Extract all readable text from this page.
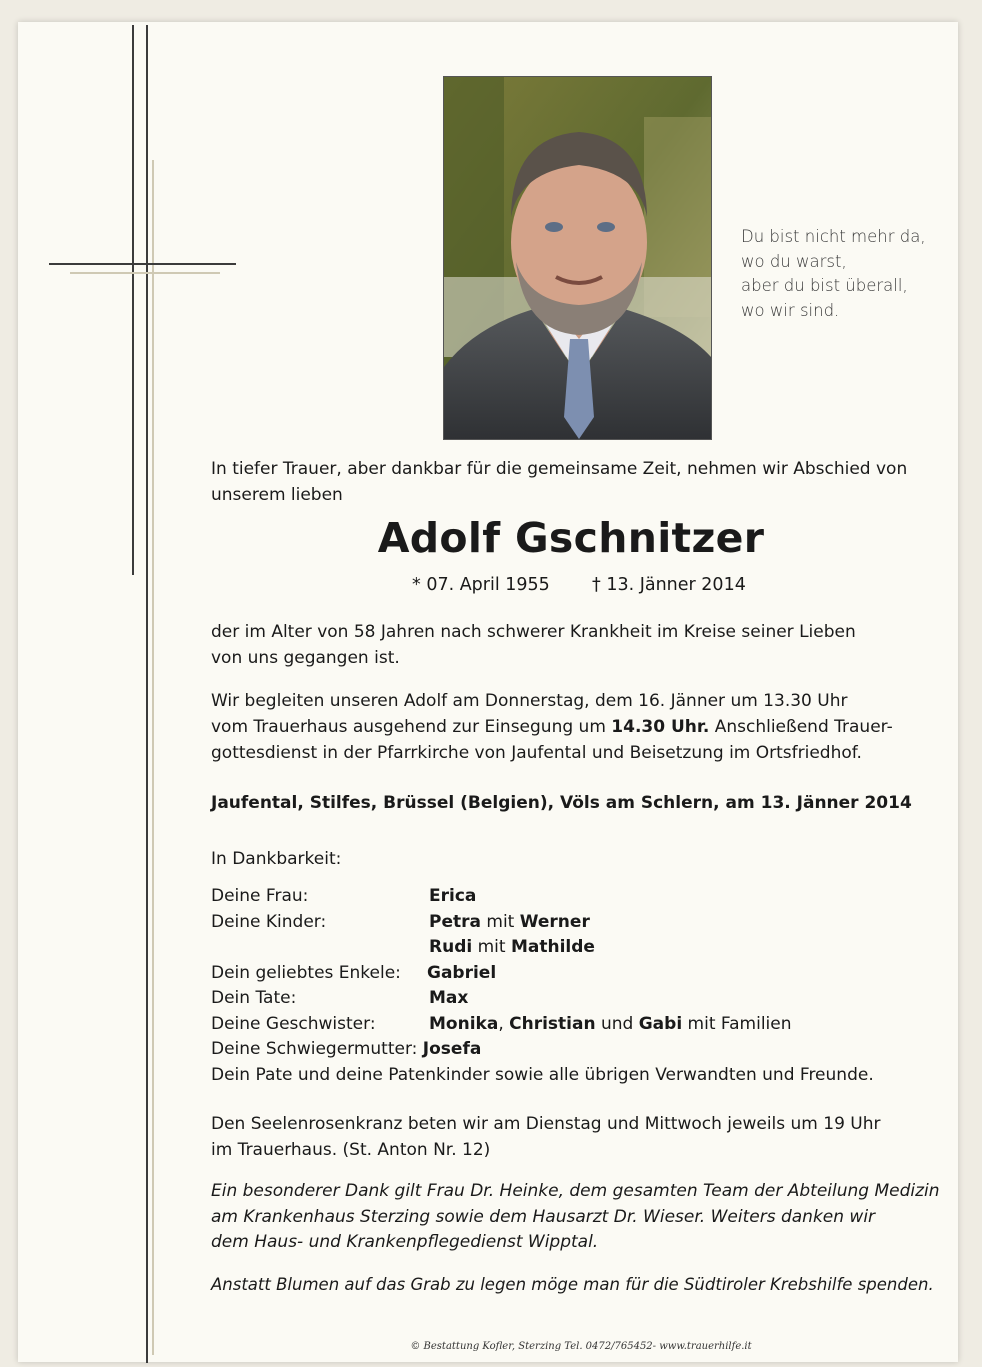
Du bist nicht mehr da,
wo du warst,
aber du bist überall,
wo wir sind.
In tiefer Trauer, aber dankbar für die gemeinsame Zeit, nehmen wir Abschied von
unserem lieben
Adolf Gschnitzer
* 07. April 1955 † 13. Jänner 2014
der im Alter von 58 Jahren nach schwerer Krankheit im Kreise seiner Lieben
von uns gegangen ist.
Wir begleiten unseren Adolf am Donnerstag, dem 16. Jänner um 13.30 Uhr
vom Trauerhaus ausgehend zur Einsegung um 14.30 Uhr. Anschließend Trauer-
gottesdienst in der Pfarrkirche von Jaufental und Beisetzung im Ortsfriedhof.
Jaufental, Stilfes, Brüssel (Belgien), Völs am Schlern, am 13. Jänner 2014
In Dankbarkeit:
Deine Frau:	Erica
Deine Kinder:	Petra mit Werner
Rudi mit Mathilde
Dein geliebtes Enkele: Gabriel
Dein Tate:	Max
Deine Geschwister:	Monika, Christian und Gabi mit Familien
Deine Schwiegermutter: Josefa
Dein Pate und deine Patenkinder sowie alle übrigen Verwandten und Freunde.
Den Seelenrosenkranz beten wir am Dienstag und Mittwoch jeweils um 19 Uhr
im Trauerhaus. (St. Anton Nr. 12)
Ein besonderer Dank gilt Frau Dr. Heinke, dem gesamten Team der Abteilung Medizin
am Krankenhaus Sterzing sowie dem Hausarzt Dr. Wieser. Weiters danken wir
dem Haus- und Krankenpflegedienst Wipptal.
Anstatt Blumen auf das Grab zu legen möge man für die Südtiroler Krebshilfe spenden.
© Bestattung Kofler, Sterzing Tel. 0472/765452- www.trauerhilfe.it
